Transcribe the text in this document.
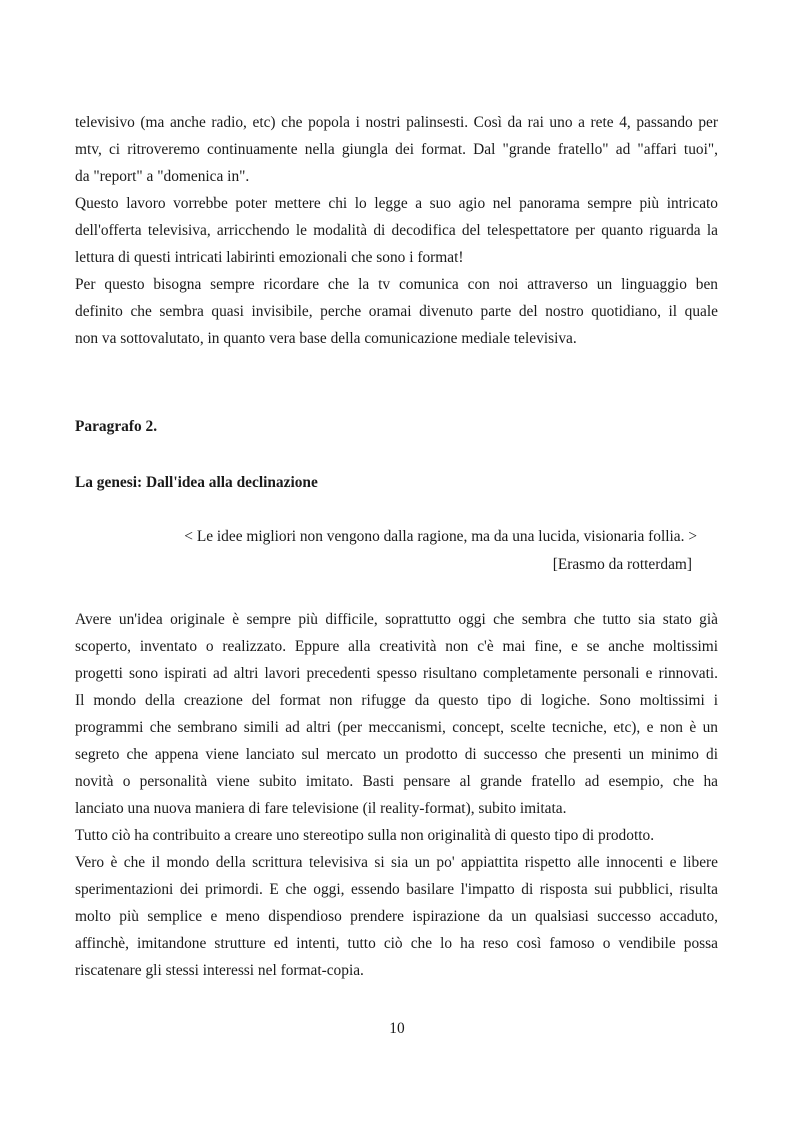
televisivo (ma anche radio, etc) che popola i nostri palinsesti. Così da rai uno a rete 4, passando per
mtv, ci ritroveremo continuamente nella giungla dei format. Dal "grande fratello" ad "affari tuoi",
da "report" a "domenica in".
Questo lavoro vorrebbe poter mettere chi lo legge a suo agio nel panorama sempre più intricato
dell'offerta televisiva, arricchendo le modalità di decodifica del telespettatore per quanto riguarda la
lettura di questi intricati labirinti emozionali che sono i format!
Per questo bisogna sempre ricordare che la tv comunica con noi attraverso un linguaggio ben
definito che sembra quasi invisibile, perche oramai divenuto parte del nostro quotidiano, il quale
non va sottovalutato, in quanto vera base della comunicazione mediale televisiva.
Paragrafo 2.
La genesi: Dall'idea alla declinazione
< Le idee migliori non vengono dalla ragione, ma da una lucida, visionaria follia. >
[Erasmo da rotterdam]
Avere un'idea originale è sempre più difficile, soprattutto oggi che sembra che tutto sia stato già
scoperto, inventato o realizzato. Eppure alla creatività non c'è mai fine, e se anche moltissimi
progetti sono ispirati ad altri lavori precedenti spesso risultano completamente personali e rinnovati.
Il mondo della creazione del format non rifugge da questo tipo di logiche. Sono moltissimi i
programmi che sembrano simili ad altri (per meccanismi, concept, scelte tecniche, etc), e non è un
segreto che appena viene lanciato sul mercato un prodotto di successo che presenti un minimo di
novità o personalità viene subito imitato. Basti pensare al grande fratello ad esempio, che ha
lanciato una nuova maniera di fare televisione (il reality-format), subito imitata.
Tutto ciò ha contribuito a creare uno stereotipo sulla non originalità di questo tipo di prodotto.
Vero è che il mondo della scrittura televisiva si sia un po' appiattita rispetto alle innocenti e libere
sperimentazioni dei primordi. E che oggi, essendo basilare l'impatto di risposta sui pubblici, risulta
molto più semplice e meno dispendioso prendere ispirazione da un qualsiasi successo accaduto,
affinchè, imitandone strutture ed intenti, tutto ciò che lo ha reso così famoso o vendibile possa
riscatenare gli stessi interessi nel format-copia.
10
